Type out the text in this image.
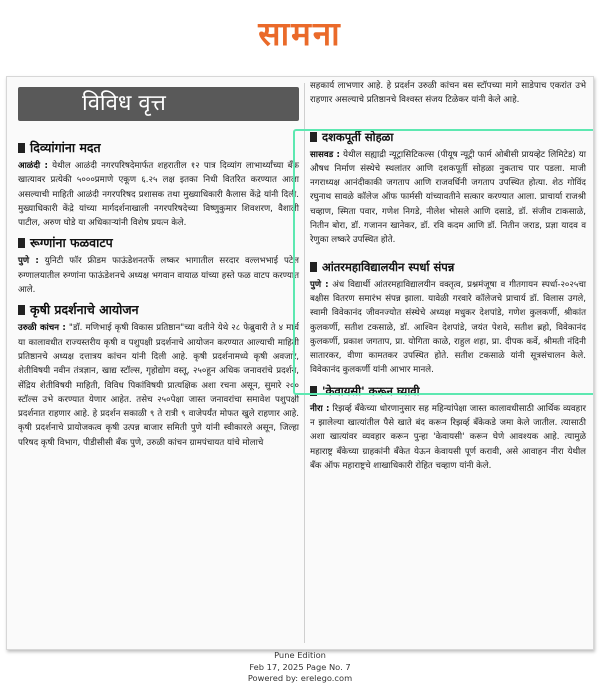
सामना
विविध वृत्त
दिव्यांगांना मदत

आळंदी : येथील आळंदी नगरपरिषदेमार्फत शहरातील १२ पात्र दिव्यांग लाभार्थ्यांच्या बँक खात्यावर प्रत्येकी ५०००प्रमाणे एकूण ६.२५ लक्ष इतका निधी वितरित करण्यात आला असल्याची माहिती आळंदी नगरपरिषद प्रशासक तथा मुख्याधिकारी कैलास केंद्रे यांनी दिली. मुख्याधिकारी केंद्रे यांच्या मार्गदर्शनाखाली नगरपरिषदेच्या विष्णुकुमार शिवशरण, वैशाली पाटील, अरुण घोडे या अधिकाऱ्यांनी विशेष प्रयत्न केले.

रूग्णांना फळवाटप

पुणे : युनिटी फॉर फ्रीडम फाऊंडेशनतर्फे लष्कर भागातील सरदार वल्लभभाई पटेल रुग्णालयातील रुग्णांना फाऊंडेशनचे अध्यक्ष भगवान वायाळ यांच्या हस्ते फळ वाटप करण्यात आले.

कृषी प्रदर्शनाचे आयोजन

उरुळी कांचन : "डॉ. मणिभाई कृषी विकास प्रतिष्ठान"च्या वतीने येथे २८ फेब्रुवारी ते ४ मार्च या कालावधीत राज्यस्तरीय कृषी व पशुपक्षी प्रदर्शनाचे आयोजन करण्यात आल्याची माहिती प्रतिष्ठानचे अध्यक्ष दत्तात्रय कांचन यांनी दिली आहे. कृषी प्रदर्शनामध्ये कृषी अवजारे, शेतीविषयी नवीन तंत्रज्ञान, खाद्य स्टॉल्स, गृहोद्योग वस्तू, २५०हून अधिक जनावरांचे प्रदर्शन, सेंद्रिय शेतीविषयी माहिती, विविध पिकांविषयी प्रात्यक्षिक अशा रचना असून, सुमारे २०० स्टॉल्स उभे करण्यात येणार आहेत. तसेच २५०पेक्षा जास्त जनावरांचा समावेश पशुपक्षी प्रदर्शनात राहणार आहे. हे प्रदर्शन सकाळी ९ ते रात्री ९ वाजेपर्यंत मोफत खुले राहणार आहे. कृषी प्रदर्शनाचे प्रायोजकत्व कृषी उत्पन्न बाजार समिती पुणे यांनी स्वीकारले असून, जिल्हा परिषद कृषी विभाग, पीडीसीसी बँक पुणे, उरुळी कांचन ग्रामपंचायत यांचे मोलाचे

सहकार्य लाभणार आहे. हे प्रदर्शन उरुळी कांचन बस स्टॉपच्या मागे साडेपाच एकरांत उभे राहणार असल्याचे प्रतिष्ठानचे विश्वस्त संजय टिळेकर यांनी केले आहे.

दशकपूर्ती सोहळा

सासवड : येथील सह्याद्री न्यूट्रासिटिकल्स (पीयूष न्यूट्री फार्म ओबीसी प्रायव्हेट लिमिटेड) या औषध निर्माण संस्थेचे स्थलांतर आणि दशकपूर्ती सोहळा नुकताच पार पडला. माजी नगराध्यक्ष आनंदीकाकी जगताप आणि राजवर्धिनी जगताप उपस्थित होत्या. शेठ गोविंद रघुनाथ सावळे कॉलेज ऑफ फार्मसी यांच्यावतीने सत्कार करण्यात आला. प्राचार्या राजश्री चव्हाण, स्मिता पवार, गणेश निगडे, नीलेश भोसले आणि दसाडे, डॉ. संजीव टाकसाळे, नितीन बोरा, डॉ. गजानन खानेकर, डॉ. रवि कदम आणि डॉ. नितीन जराड, प्रज्ञा यादव व रेणुका लष्करे उपस्थित होते.

आंतरमहाविद्यालयीन स्पर्धा संपन्न

पुणे : अंध विद्यार्थी आंतरमहाविद्यालयीन वक्तृत्व, प्रश्नमंजूषा व गीतगायन स्पर्धा-२०२५चा बक्षीस वितरण समारंभ संपन्न झाला. यावेळी गरवारे कॉलेजचे प्राचार्य डॉ. विलास उगले, स्वामी विवेकानंद जीवनज्योत संस्थेचे अध्यक्ष मधुकर देशपांडे, गणेश कुलकर्णी, श्रीकांत कुलकर्णी, सतीश टकसाळे, डॉ. आश्विन देशपांडे, जयंत पेशवे, सतीश ब्रहो, विवेकानंद कुलकर्णी, प्रकाश जगताप, प्रा. योगिता काळे, राहुल शहा, प्रा. दीपक कर्वे, श्रीमती नंदिनी सातारकर, वीणा कामतकर उपस्थित होते. सतीश टकसाळे यांनी सूत्रसंचालन केले. विवेकानंद कुलकर्णी यांनी आभार मानले.

'केवायसी' करून घ्यावी

नीरा : रिझर्व्ह बँकेच्या धोरणानुसार सह महिन्यांपेक्षा जास्त कालावधीसाठी आर्थिक व्यवहार न झालेल्या खात्यांतील पैसे खाते बंद करून रिझर्व्ह बँकेकडे जमा केले जातील. त्यासाठी अशा खात्यांवर व्यवहार करून पुन्हा 'केवायसी' करून घेणे आवश्यक आहे. त्यामुळे महाराष्ट्र बँकेच्या ग्राहकांनी बँकेत येऊन केवायसी पूर्ण करावी, असे आवाहन नीरा येथील बँक ऑफ महाराष्ट्रचे शाखाधिकारी रोहित चव्हाण यांनी केले.

Pune Edition
Feb 17, 2025 Page No. 7
Powered by: erelego.com
